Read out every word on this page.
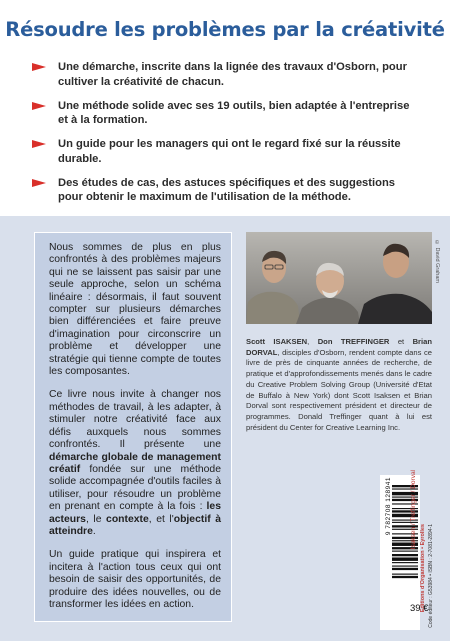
Résoudre les problèmes par la créativité
Une démarche, inscrite dans la lignée des travaux d'Osborn, pour cultiver la créativité de chacun.
Une méthode solide avec ses 19 outils, bien adaptée à l'entreprise et à la formation.
Un guide pour les managers qui ont le regard fixé sur la réussite durable.
Des études de cas, des astuces spécifiques et des suggestions pour obtenir le maximum de l'utilisation de la méthode.

Nous sommes de plus en plus confrontés à des problèmes majeurs qui ne se laissent pas saisir par une seule approche, selon un schéma linéaire : désormais, il faut souvent compter sur plusieurs démarches bien différenciées et faire preuve d'imagination pour circonscrire un problème et développer une stratégie qui tienne compte de toutes les composantes.

Ce livre nous invite à changer nos méthodes de travail, à les adapter, à stimuler notre créativité face aux défis auxquels nous sommes confrontés. Il présente une démarche globale de management créatif fondée sur une méthode solide accompagnée d'outils faciles à utiliser, pour résoudre un problème en prenant en compte à la fois : les acteurs, le contexte, et l'objectif à atteindre.

Un guide pratique qui inspirera et incitera à l'action tous ceux qui ont besoin de saisir des opportunités, de produire des idées nouvelles, ou de transformer les idées en action.

© David Graham

Scott ISAKSEN, Don TREFFINGER et Brian DORVAL, disciples d'Osborn, rendent compte dans ce livre de près de cinquante années de recherche, de pratique et d'approfondissements menés dans le cadre du Creative Problem Solving Group (Université d'Etat de Buffalo à New York) dont Scott Isaksen et Brian Dorval sont respectivement président et directeur de programmes. Donald Treffinger quant à lui est président du Center for Creative Learning Inc.

9 782708 128941	Isaksen / Treffinger / Dorval
Editions d'Organisation • Eyrolles Code éditeur : G53984 • ISBN : 2-7081-2894-1
39 €
